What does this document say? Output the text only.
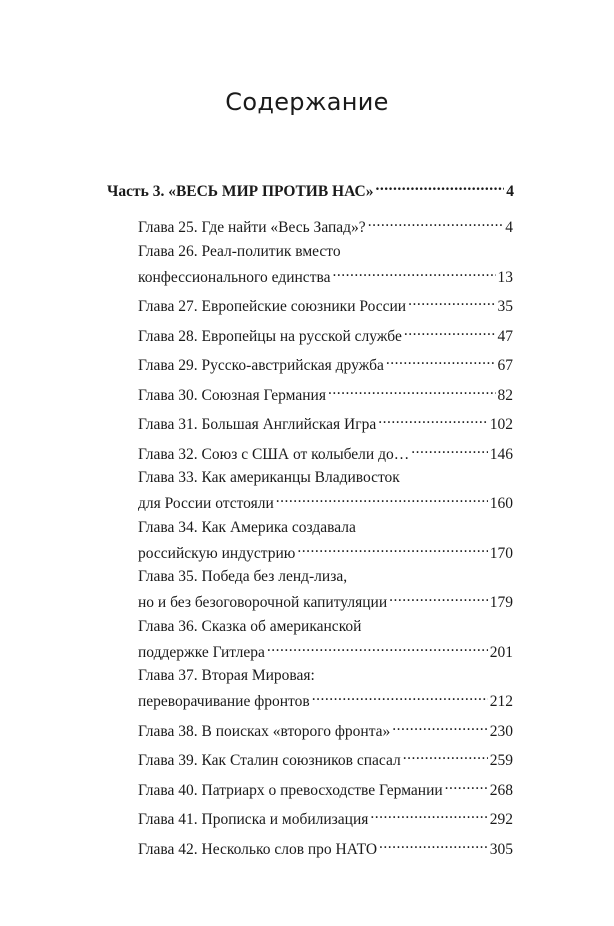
Содержание
Часть 3. «ВЕСЬ МИР ПРОТИВ НАС» .....	4
Глава 25. Где найти «Весь Запад»? .....	4
Глава 26. Реал-политик вместо
конфессионального единства .....	13
Глава 27. Европейские союзники России .....	35
Глава 28. Европейцы на русской службе .....	47
Глава 29. Русско-австрийская дружба .....	67
Глава 30. Союзная Германия .....	82
Глава 31. Большая Английская Игра .....	102
Глава 32. Союз с США от колыбели до… .....	146
Глава 33. Как американцы Владивосток
для России отстояли .....	160
Глава 34. Как Америка создавала
российскую индустрию .....	170
Глава 35. Победа без ленд-лиза,
но и без безоговорочной капитуляции .....	179
Глава 36. Сказка об американской
поддержке Гитлера .....	201
Глава 37. Вторая Мировая:
переворачивание фронтов .....	212
Глава 38. В поисках «второго фронта» .....	230
Глава 39. Как Сталин союзников спасал .....	259
Глава 40. Патриарх о превосходстве Германии .....	268
Глава 41. Прописка и мобилизация .....	292
Глава 42. Несколько слов про НАТО .....	305
